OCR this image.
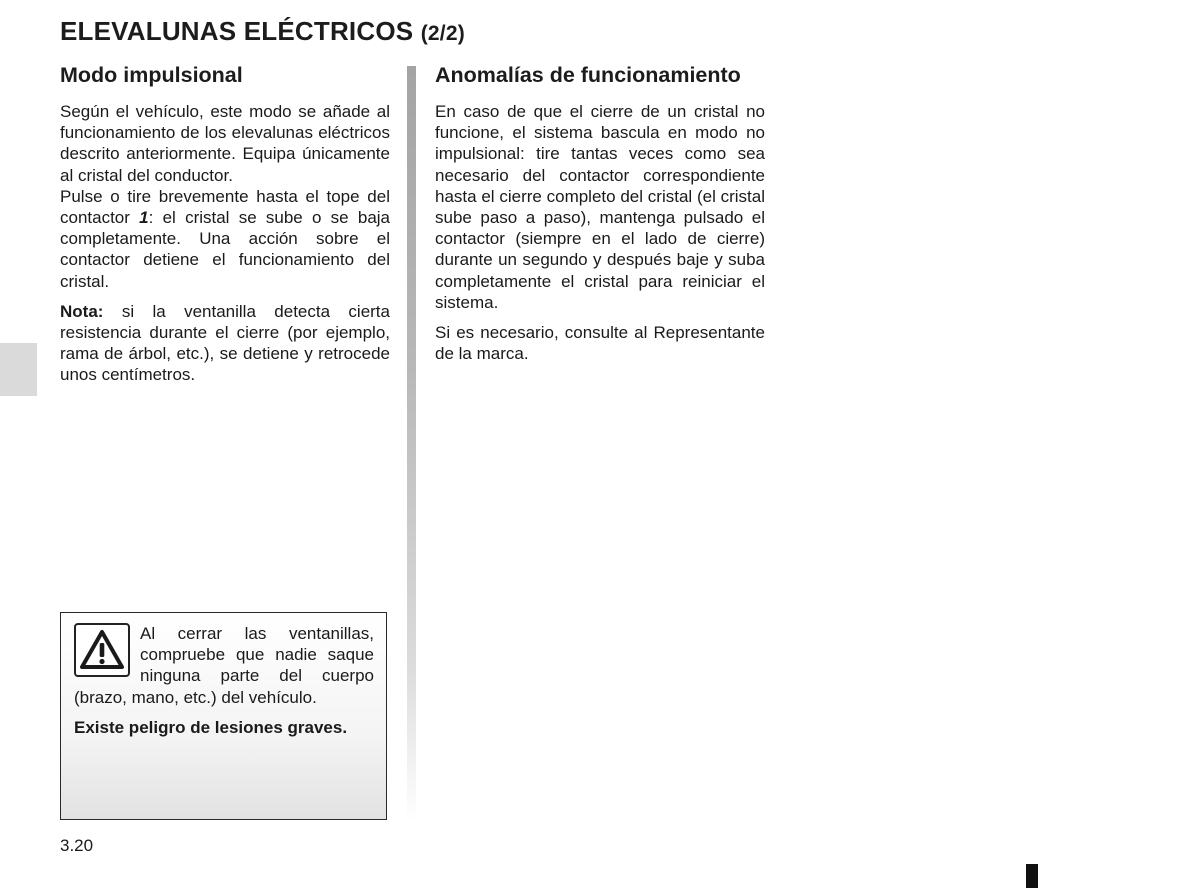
ELEVALUNAS ELÉCTRICOS (2/2)
Modo impulsional

Según el vehículo, este modo se añade al funcionamiento de los elevalunas eléctricos descrito anteriormente. Equipa únicamente al cristal del conductor.

Pulse o tire brevemente hasta el tope del contactor 1: el cristal se sube o se baja completamente. Una acción sobre el contactor detiene el funcionamiento del cristal.

Nota: si la ventanilla detecta cierta resistencia durante el cierre (por ejemplo, rama de árbol, etc.), se detiene y retrocede unos centímetros.

Anomalías de funcionamiento

En caso de que el cierre de un cristal no funcione, el sistema bascula en modo no impulsional: tire tantas veces como sea necesario del contactor correspondiente hasta el cierre completo del cristal (el cristal sube paso a paso), mantenga pulsado el contactor (siempre en el lado de cierre) durante un segundo y después baje y suba completamente el cristal para reiniciar el sistema.

Si es necesario, consulte al Representante de la marca.

Al cerrar las ventanillas, compruebe que nadie saque ninguna parte del cuerpo (brazo, mano, etc.) del vehículo.

Existe peligro de lesiones graves.

3.20
